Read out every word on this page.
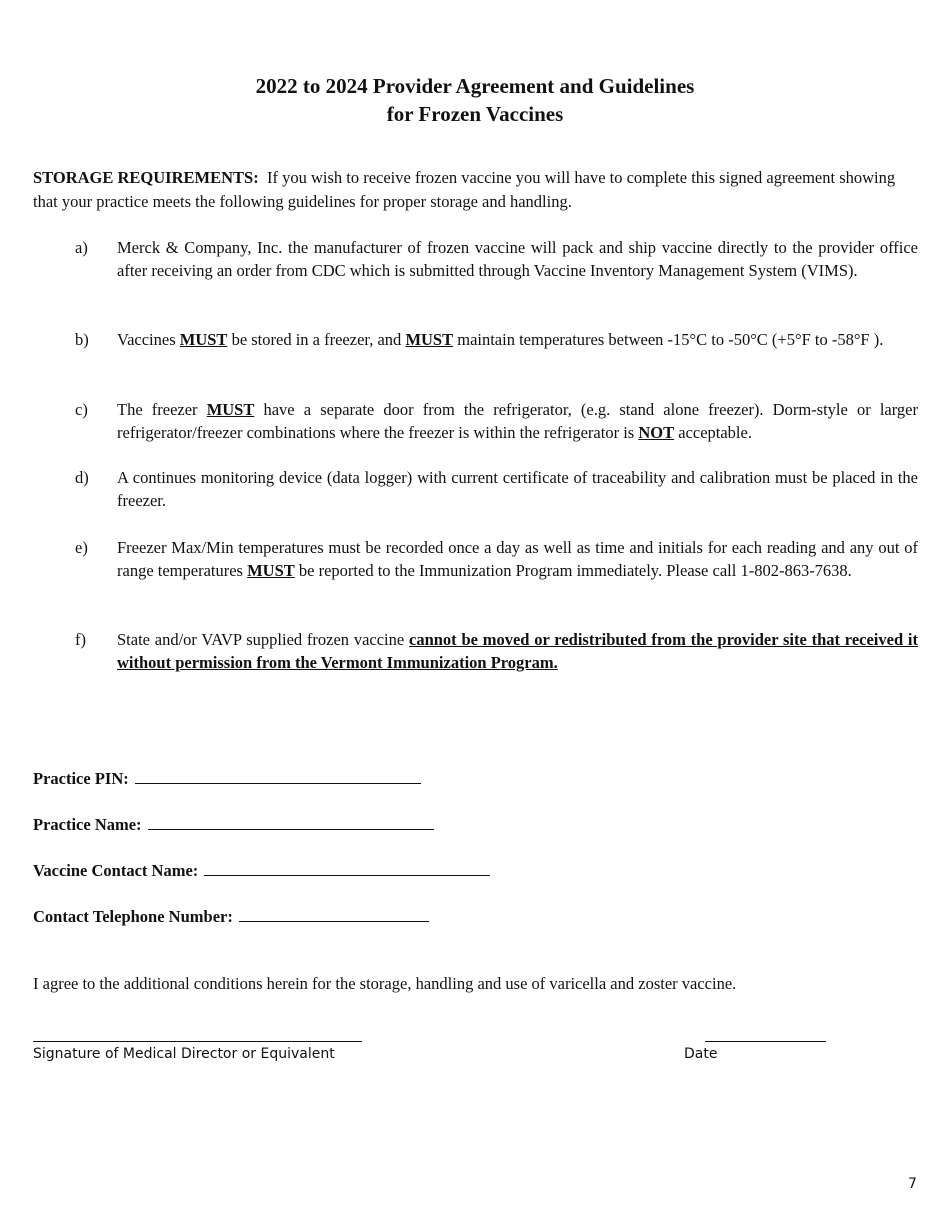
2022 to 2024 Provider Agreement and Guidelines
for Frozen Vaccines
STORAGE REQUIREMENTS: If you wish to receive frozen vaccine you will have to complete this signed agreement showing that your practice meets the following guidelines for proper storage and handling.
a) Merck & Company, Inc. the manufacturer of frozen vaccine will pack and ship vaccine directly to the provider office after receiving an order from CDC which is submitted through Vaccine Inventory Management System (VIMS).
b) Vaccines MUST be stored in a freezer, and MUST maintain temperatures between -15°C to -50°C (+5°F to -58°F ).
c) The freezer MUST have a separate door from the refrigerator, (e.g. stand alone freezer). Dorm-style or larger refrigerator/freezer combinations where the freezer is within the refrigerator is NOT acceptable.
d) A continues monitoring device (data logger) with current certificate of traceability and calibration must be placed in the freezer.
e) Freezer Max/Min temperatures must be recorded once a day as well as time and initials for each reading and any out of range temperatures MUST be reported to the Immunization Program immediately. Please call 1-802-863-7638.
f) State and/or VAVP supplied frozen vaccine cannot be moved or redistributed from the provider site that received it without permission from the Vermont Immunization Program.
Practice PIN:
Practice Name:
Vaccine Contact Name:
Contact Telephone Number:
I agree to the additional conditions herein for the storage, handling and use of varicella and zoster vaccine.
Signature of Medical Director or Equivalent	Date
7
